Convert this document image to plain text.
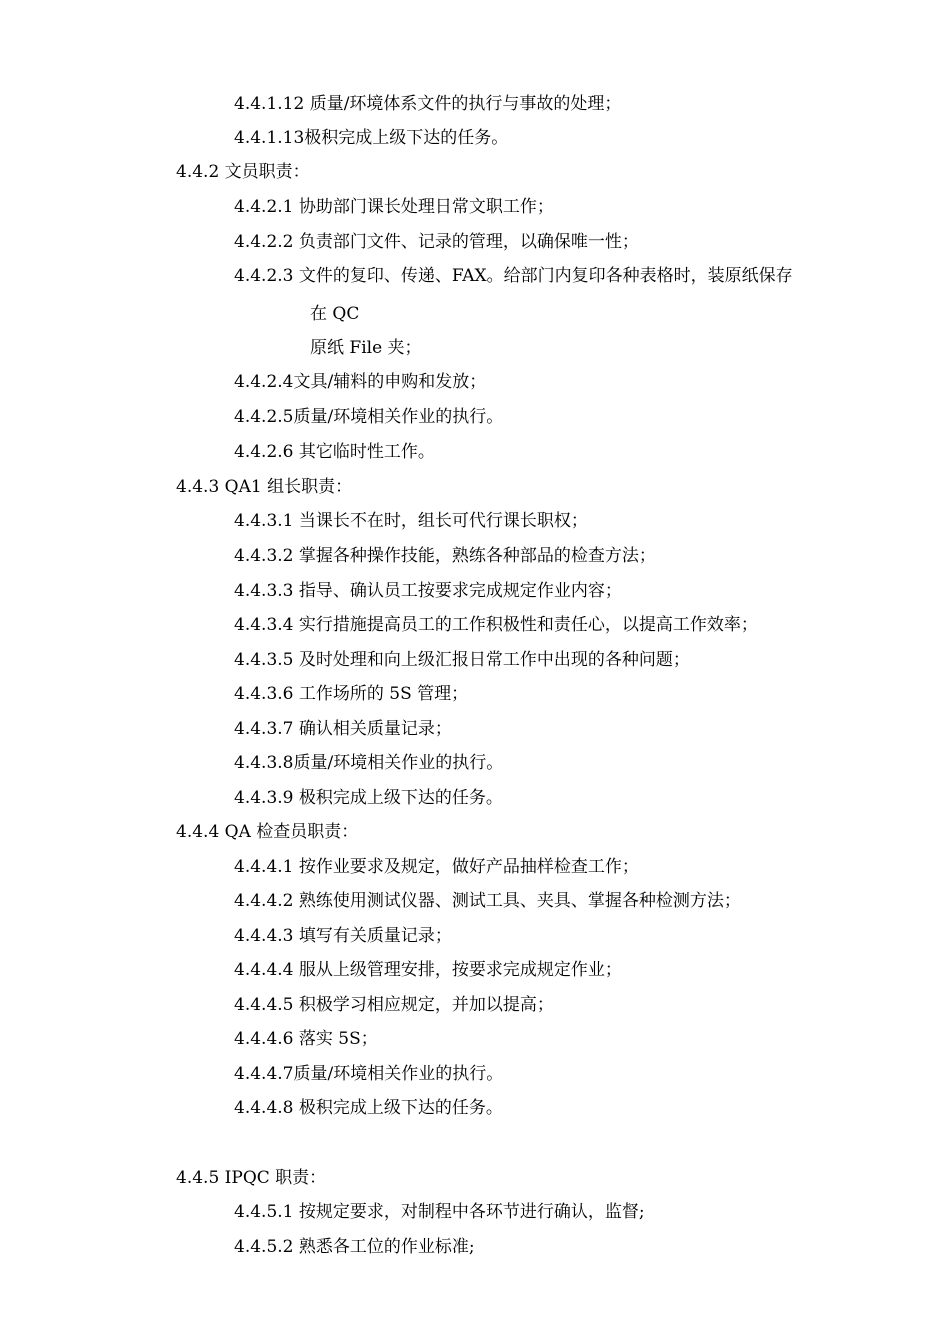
4.4.1.12 质量/环境体系文件的执行与事故的处理；
4.4.1.13极积完成上级下达的任务。
4.4.2 文员职责：
4.4.2.1 协助部门课长处理日常文职工作；
4.4.2.2 负责部门文件、记录的管理，以确保唯一性；
4.4.2.3 文件的复印、传递、FAX。给部门内复印各种表格时，装原纸保存
在 QC
原纸 File 夹；
4.4.2.4文具/辅料的申购和发放；
4.4.2.5质量/环境相关作业的执行。
4.4.2.6 其它临时性工作。
4.4.3 QA1 组长职责：
4.4.3.1 当课长不在时，组长可代行课长职权；
4.4.3.2 掌握各种操作技能，熟练各种部品的检查方法；
4.4.3.3 指导、确认员工按要求完成规定作业内容；
4.4.3.4 实行措施提高员工的工作积极性和责任心，以提高工作效率；
4.4.3.5 及时处理和向上级汇报日常工作中出现的各种问题；
4.4.3.6 工作场所的 5S 管理；
4.4.3.7 确认相关质量记录；
4.4.3.8质量/环境相关作业的执行。
4.4.3.9 极积完成上级下达的任务。
4.4.4 QA 检查员职责：
4.4.4.1 按作业要求及规定，做好产品抽样检查工作；
4.4.4.2 熟练使用测试仪器、测试工具、夹具、掌握各种检测方法；
4.4.4.3 填写有关质量记录；
4.4.4.4 服从上级管理安排，按要求完成规定作业；
4.4.4.5 积极学习相应规定，并加以提高；
4.4.4.6 落实 5S；
4.4.4.7质量/环境相关作业的执行。
4.4.4.8 极积完成上级下达的任务。
4.4.5 IPQC 职责：
4.4.5.1 按规定要求，对制程中各环节进行确认，监督;
4.4.5.2 熟悉各工位的作业标准;
